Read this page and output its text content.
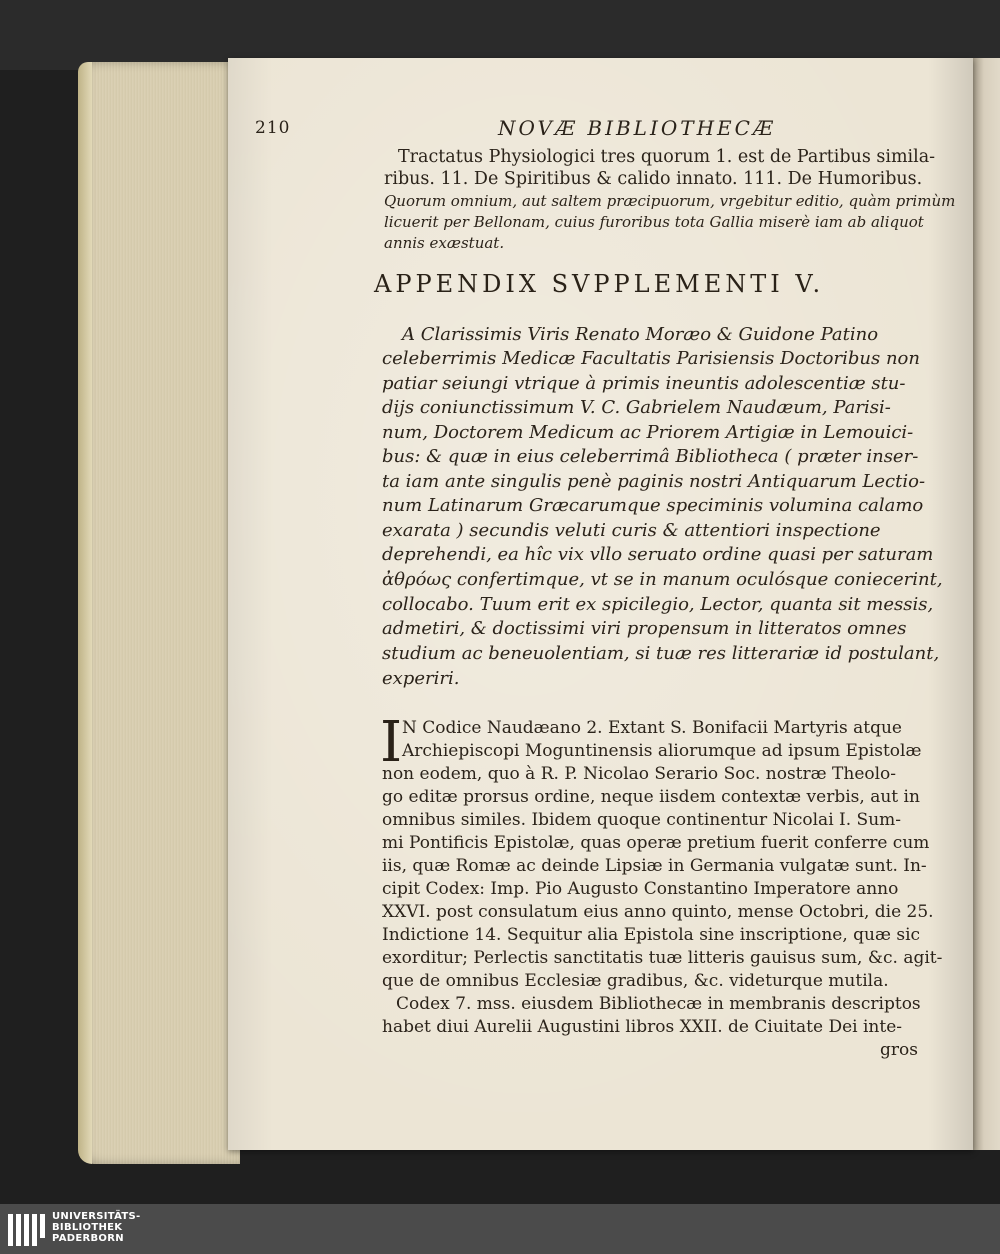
210	NOVÆ BIBLIOTHECÆ
Tractatus Physiologici tres quorum 1. est de Partibus simila-
ribus. 11. De Spiritibus & calido innato. 111. De Humoribus.
Quorum omnium, aut saltem præcipuorum, vrgebitur editio, quàm primùm
licuerit per Bellonam, cuius furoribus tota Gallia miserè iam ab aliquot
annis exæstuat.
APPENDIX SVPPLEMENTI V.
A Clarissimis Viris Renato Moræo & Guidone Patino
celeberrimis Medicæ Facultatis Parisiensis Doctoribus non
patiar seiungi vtrique à primis ineuntis adolescentiæ stu-
dijs coniunctissimum V. C. Gabrielem Naudæum, Parisi-
num, Doctorem Medicum ac Priorem Artigiæ in Lemouici-
bus: & quæ in eius celeberrimâ Bibliotheca ( præter inser-
ta iam ante singulis penè paginis nostri Antiquarum Lectio-
num Latinarum Græcarumque speciminis volumina calamo
exarata ) secundis veluti curis & attentiori inspectione
deprehendi, ea hîc vix vllo seruato ordine quasi per saturam
ἀθρόως confertimque, vt se in manum oculósque coniecerint,
collocabo. Tuum erit ex spicilegio, Lector, quanta sit messis,
admetiri, & doctissimi viri propensum in litteratos omnes
studium ac beneuolentiam, si tuæ res litterariæ id postulant,
experiri.
I N Codice Naudæano 2. Extant S. Bonifacii Martyris atque
Archiepiscopi Moguntinensis aliorumque ad ipsum Epistolæ
non eodem, quo à R. P. Nicolao Serario Soc. nostræ Theolo-
go editæ prorsus ordine, neque iisdem contextæ verbis, aut in
omnibus similes. Ibidem quoque continentur Nicolai I. Sum-
mi Pontificis Epistolæ, quas operæ pretium fuerit conferre cum
iis, quæ Romæ ac deinde Lipsiæ in Germania vulgatæ sunt. In-
cipit Codex: Imp. Pio Augusto Constantino Imperatore anno
XXVI. post consulatum eius anno quinto, mense Octobri, die 25.
Indictione 14. Sequitur alia Epistola sine inscriptione, quæ sic
exorditur; Perlectis sanctitatis tuæ litteris gauisus sum, &c. agit-
que de omnibus Ecclesiæ gradibus, &c. videturque mutila.
Codex 7. mss. eiusdem Bibliothecæ in membranis descriptos
habet diui Aurelii Augustini libros XXII. de Ciuitate Dei inte-
gros
UNIVERSITÄTS-
BIBLIOTHEK
PADERBORN
